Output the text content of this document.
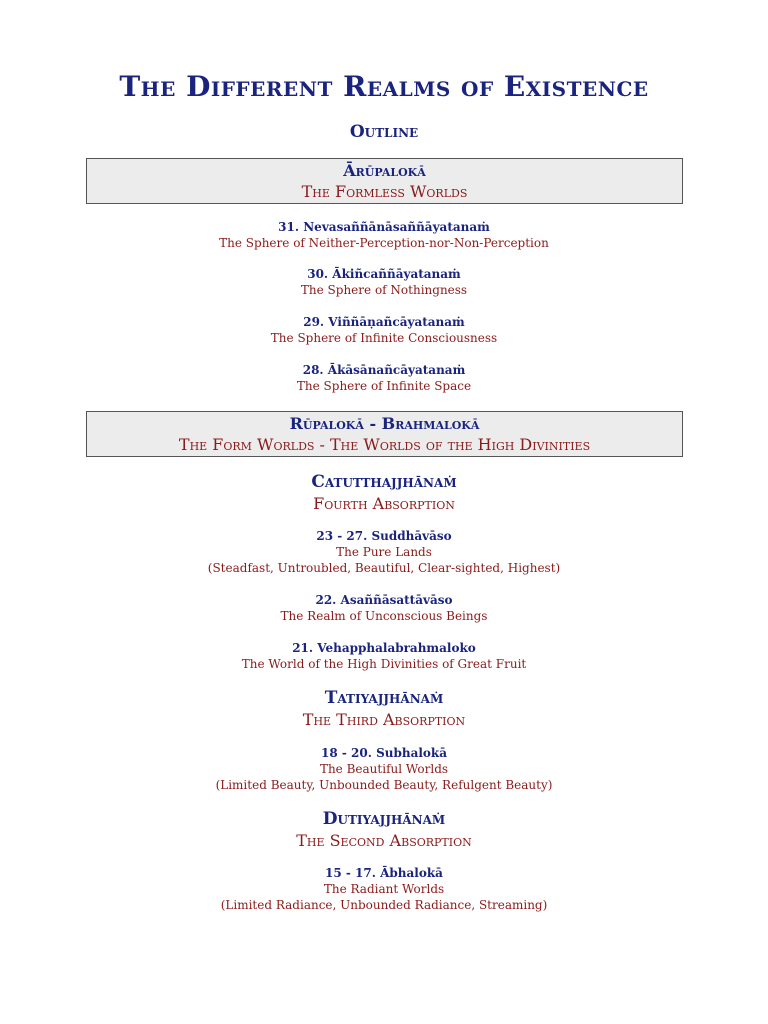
The Different Realms of Existence
Outline
Ārūpalokā
The Formless Worlds
31. Nevasaññānāsaññāyatanaṁ
The Sphere of Neither-Perception-nor-Non-Perception
30. Ākiñcaññāyatanaṁ
The Sphere of Nothingness
29. Viññāṇañcāyatanaṁ
The Sphere of Infinite Consciousness
28. Ākāsānañcāyatanaṁ
The Sphere of Infinite Space
Rūpalokā - Brahmalokā
The Form Worlds - The Worlds of the High Divinities
Catutthajjhānaṁ
Fourth Absorption
23 - 27. Suddhāvāso
The Pure Lands
(Steadfast, Untroubled, Beautiful, Clear-sighted, Highest)
22. Asaññāsattāvāso
The Realm of Unconscious Beings
21. Vehapphalabrahmaloko
The World of the High Divinities of Great Fruit
Tatiyajjhānaṁ
The Third Absorption
18 - 20. Subhalokā
The Beautiful Worlds
(Limited Beauty, Unbounded Beauty, Refulgent Beauty)
Dutiyajjhānaṁ
The Second Absorption
15 - 17. Ābhalokā
The Radiant Worlds
(Limited Radiance, Unbounded Radiance, Streaming)
